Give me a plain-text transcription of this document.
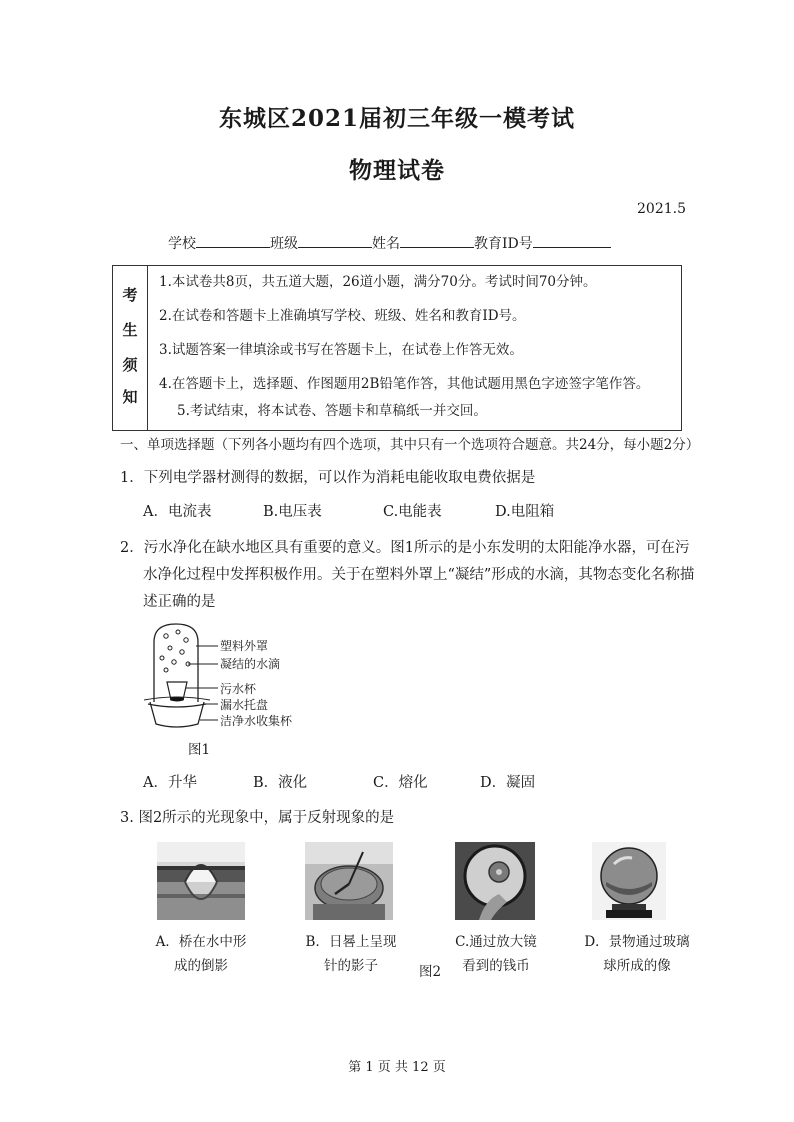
东城区2021届初三年级一模考试
物理试卷
2021.5
学校	班级	姓名	教育ID号
考
生
须
知
1.本试卷共8页，共五道大题，26道小题，满分70分。考试时间70分钟。
2.在试卷和答题卡上准确填写学校、班级、姓名和教育ID号。
3.试题答案一律填涂或书写在答题卡上，在试卷上作答无效。
4.在答题卡上，选择题、作图题用2B铅笔作答，其他试题用黑色字迹签字笔作答。
5.考试结束，将本试卷、答题卡和草稿纸一并交回。
一、单项选择题（下列各小题均有四个选项，其中只有一个选项符合题意。共24分，每小题2分）
1．下列电学器材测得的数据，可以作为消耗电能收取电费依据是
A．电流表	B.电压表	C.电能表	D.电阻箱
2．污水净化在缺水地区具有重要的意义。图1所示的是小东发明的太阳能净水器，可在污
水净化过程中发挥积极作用。关于在塑料外罩上“凝结”形成的水滴，其物态变化名称描
述正确的是
塑料外罩
凝结的水滴
污水杯
漏水托盘
洁净水收集杯
图1
A．升华	B．液化	C．熔化	D．凝固
3. 图2所示的光现象中，属于反射现象的是
A．桥在水中形
成的倒影
B．日晷上呈现
针的影子
C.通过放大镜
看到的钱币
D．景物通过玻璃
球所成的像
图2
第 1 页 共 12 页
